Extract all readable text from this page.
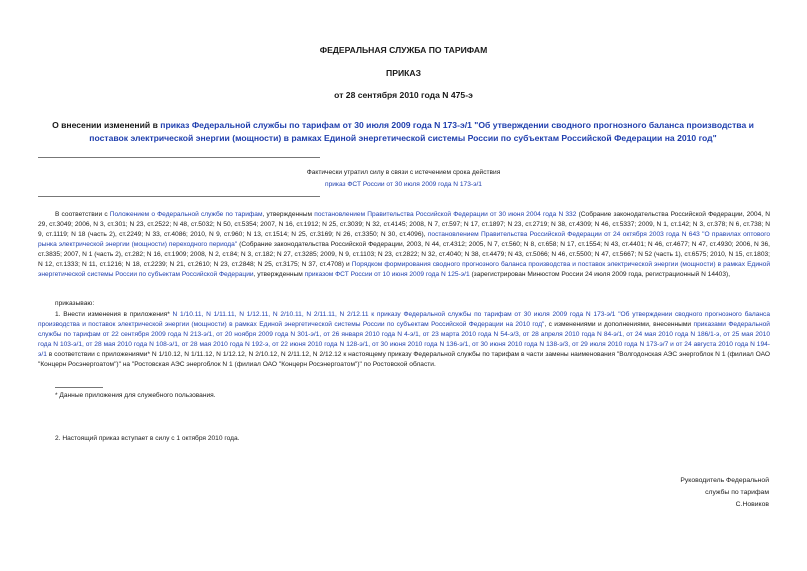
ФЕДЕРАЛЬНАЯ СЛУЖБА ПО ТАРИФАМ
ПРИКАЗ
от 28 сентября 2010 года N 475-э
О внесении изменений в приказ Федеральной службы по тарифам от 30 июля 2009 года N 173-э/1 "Об утверждении сводного прогнозного баланса производства и поставок электрической энергии (мощности) в рамках Единой энергетической системы России по субъектам Российской Федерации на 2010 год"
Фактически утратил силу в связи с истечением срока действия
приказ ФСТ России от 30 июля 2009 года N 173-э/1
В соответствии с Положением о Федеральной службе по тарифам, утвержденным постановлением Правительства Российской Федерации от 30 июня 2004 года N 332 (Собрание законодательства Российской Федерации, 2004, N 29, ст.3049; 2006, N 3, ст.301; N 23, ст.2522; N 48, ст.5032; N 50, ст.5354; 2007, N 16, ст.1912; N 25, ст.3039; N 32, ст.4145; 2008, N 7, ст.597; N 17, ст.1897; N 23, ст.2719; N 38, ст.4309; N 46, ст.5337; 2009, N 1, ст.142; N 3, ст.378; N 6, ст.738; N 9, ст.1119; N 18 (часть 2), ст.2249; N 33, ст.4086; 2010, N 9, ст.960; N 13, ст.1514; N 25, ст.3169; N 26, ст.3350; N 30, ст.4096), постановлением Правительства Российской Федерации от 24 октября 2003 года N 643 "О правилах оптового рынка электрической энергии (мощности) переходного периода" (Собрание законодательства Российской Федерации, 2003, N 44, ст.4312; 2005, N 7, ст.560; N 8, ст.658; N 17, ст.1554; N 43, ст.4401; N 46, ст.4677; N 47, ст.4930; 2006, N 36, ст.3835; 2007, N 1 (часть 2), ст.282; N 16, ст.1909; 2008, N 2, ст.84; N 3, ст.182; N 27, ст.3285; 2009, N 9, ст.1103; N 23, ст.2822; N 32, ст.4040; N 38, ст.4479; N 43, ст.5066; N 46, ст.5500; N 47, ст.5667; N 52 (часть 1), ст.6575; 2010, N 15, ст.1803; N 12, ст.1333; N 11, ст.1216; N 18, ст.2239; N 21, ст.2610; N 23, ст.2848; N 25, ст.3175; N 37, ст.4708) и Порядком формирования сводного прогнозного баланса производства и поставок электрической энергии (мощности) в рамках Единой энергетической системы России по субъектам Российской Федерации, утвержденным приказом ФСТ России от 10 июня 2009 года N 125-э/1 (зарегистрирован Минюстом России 24 июля 2009 года, регистрационный N 14403),
приказываю:
1. Внести изменения в приложения* N 1/10.11, N 1/11.11, N 1/12.11, N 2/10.11, N 2/11.11, N 2/12.11 к приказу Федеральной службы по тарифам от 30 июля 2009 года N 173-э/1 "Об утверждении сводного прогнозного баланса производства и поставок электрической энергии (мощности) в рамках Единой энергетической системы России по субъектам Российской Федерации на 2010 год", с изменениями и дополнениями, внесенными приказами Федеральной службы по тарифам от 22 сентября 2009 года N 213-э/1, от 20 ноября 2009 года N 301-э/1, от 26 января 2010 года N 4-э/1, от 23 марта 2010 года N 54-э/3, от 28 апреля 2010 года N 84-э/1, от 24 мая 2010 года N 186/1-э, от 25 мая 2010 года N 103-э/1, от 28 мая 2010 года N 108-э/1, от 28 мая 2010 года N 192-э, от 22 июня 2010 года N 128-э/1, от 30 июня 2010 года N 136-э/1, от 30 июня 2010 года N 138-э/3, от 29 июля 2010 года N 173-э/7 и от 24 августа 2010 года N 194-э/1 в соответствии с приложениями* N 1/10.12, N 1/11.12, N 1/12.12, N 2/10.12, N 2/11.12, N 2/12.12 к настоящему приказу Федеральной службы по тарифам в части замены наименования "Волгодонская АЭС энергоблок N 1 (филиал ОАО "Концерн Росэнергоатом")" на "Ростовская АЭС энергоблок N 1 (филиал ОАО "Концерн Росэнергоатом")" по Ростовской области.
* Данные приложения для служебного пользования.
2. Настоящий приказ вступает в силу с 1 октября 2010 года.
Руководитель Федеральной
службы по тарифам
С.Новиков
